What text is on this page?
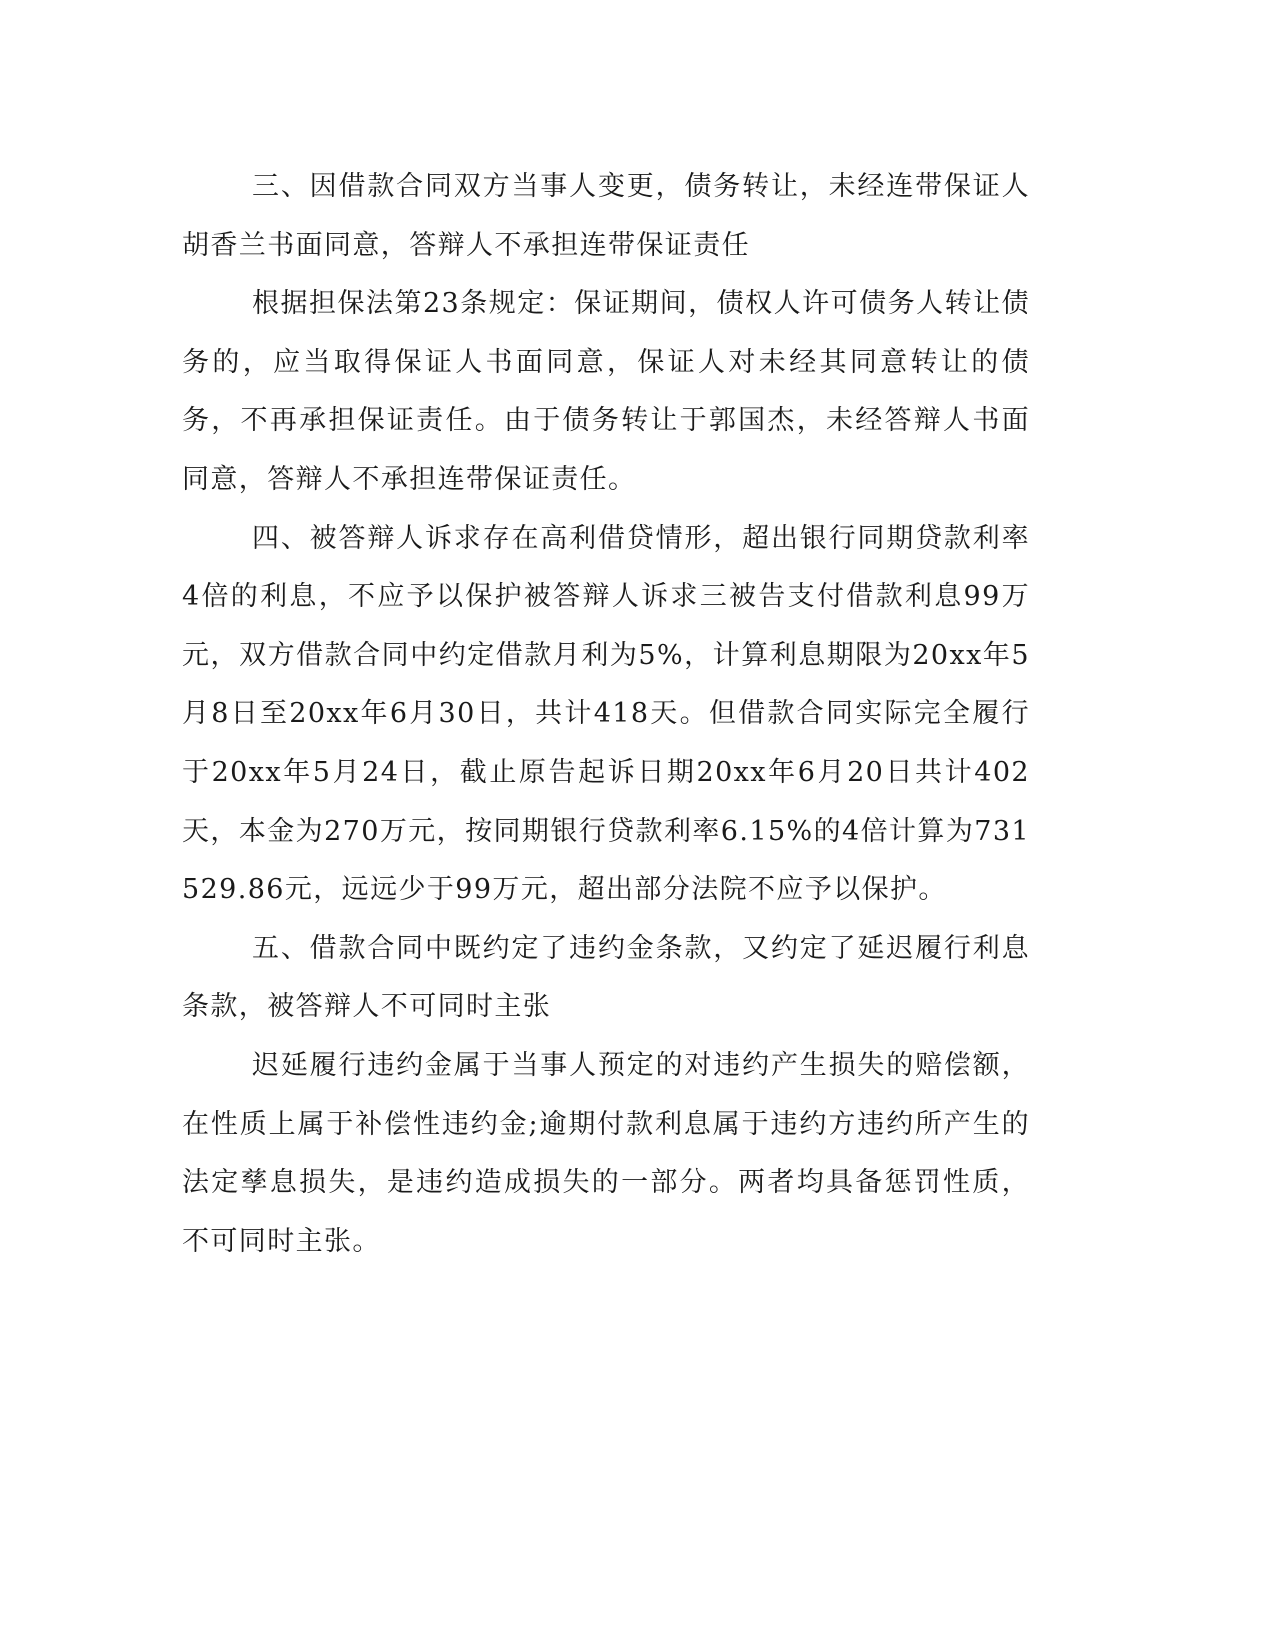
三、因借款合同双方当事人变更，债务转让，未经连带保证人胡香兰书面同意，答辩人不承担连带保证责任

根据担保法第23条规定：保证期间，债权人许可债务人转让债务的，应当取得保证人书面同意，保证人对未经其同意转让的债务，不再承担保证责任。由于债务转让于郭国杰，未经答辩人书面同意，答辩人不承担连带保证责任。

四、被答辩人诉求存在高利借贷情形，超出银行同期贷款利率4倍的利息，不应予以保护被答辩人诉求三被告支付借款利息99万元，双方借款合同中约定借款月利为5%，计算利息期限为20xx年5月8日至20xx年6月30日，共计418天。但借款合同实际完全履行于20xx年5月24日，截止原告起诉日期20xx年6月20日共计402天，本金为270万元，按同期银行贷款利率6.15%的4倍计算为731529.86元，远远少于99万元，超出部分法院不应予以保护。

五、借款合同中既约定了违约金条款，又约定了延迟履行利息条款，被答辩人不可同时主张

迟延履行违约金属于当事人预定的对违约产生损失的赔偿额，在性质上属于补偿性违约金;逾期付款利息属于违约方违约所产生的法定孳息损失，是违约造成损失的一部分。两者均具备惩罚性质，不可同时主张。
